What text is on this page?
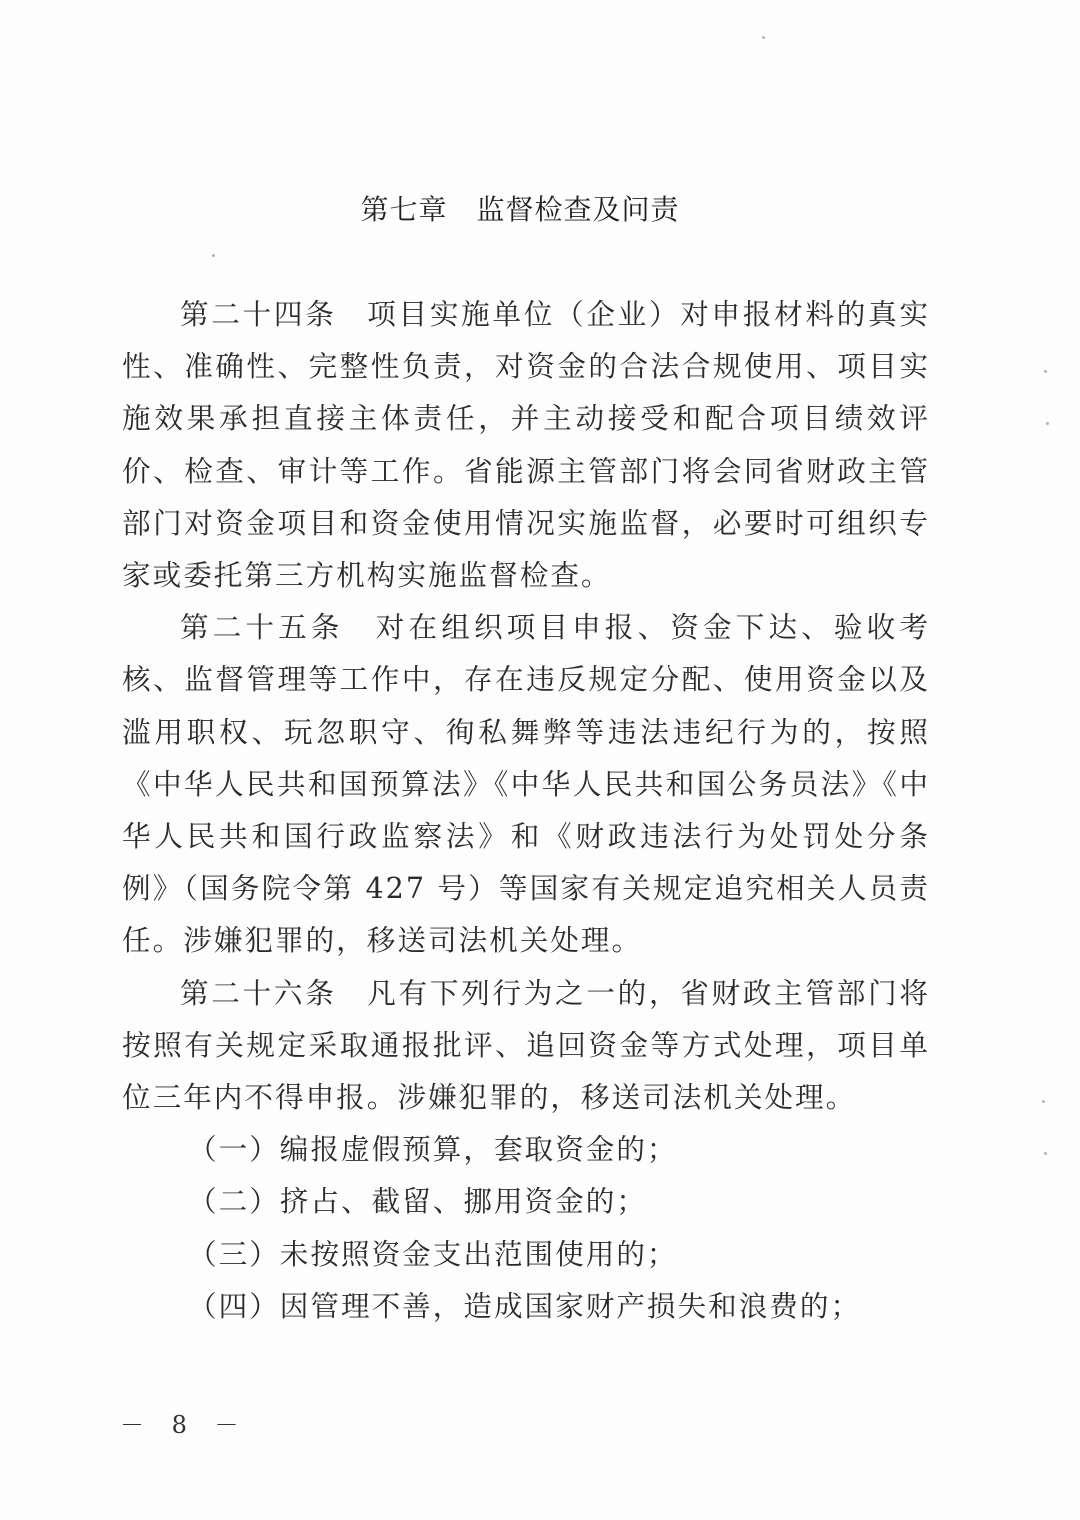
第七章　监督检查及问责

第二十四条 项目实施单位（企业）对申报材料的真实性、准确性、完整性负责，对资金的合法合规使用、项目实施效果承担直接主体责任，并主动接受和配合项目绩效评价、检查、审计等工作。省能源主管部门将会同省财政主管部门对资金项目和资金使用情况实施监督，必要时可组织专家或委托第三方机构实施监督检查。

第二十五条 对在组织项目申报、资金下达、验收考核、监督管理等工作中，存在违反规定分配、使用资金以及滥用职权、玩忽职守、徇私舞弊等违法违纪行为的，按照《中华人民共和国预算法》《中华人民共和国公务员法》《中华人民共和国行政监察法》和《财政违法行为处罚处分条例》（国务院令第 427 号）等国家有关规定追究相关人员责任。涉嫌犯罪的，移送司法机关处理。

第二十六条 凡有下列行为之一的，省财政主管部门将按照有关规定采取通报批评、追回资金等方式处理，项目单位三年内不得申报。涉嫌犯罪的，移送司法机关处理。

（一）编报虚假预算，套取资金的；

（二）挤占、截留、挪用资金的；

（三）未按照资金支出范围使用的；

（四）因管理不善，造成国家财产损失和浪费的；

－ 8 －
